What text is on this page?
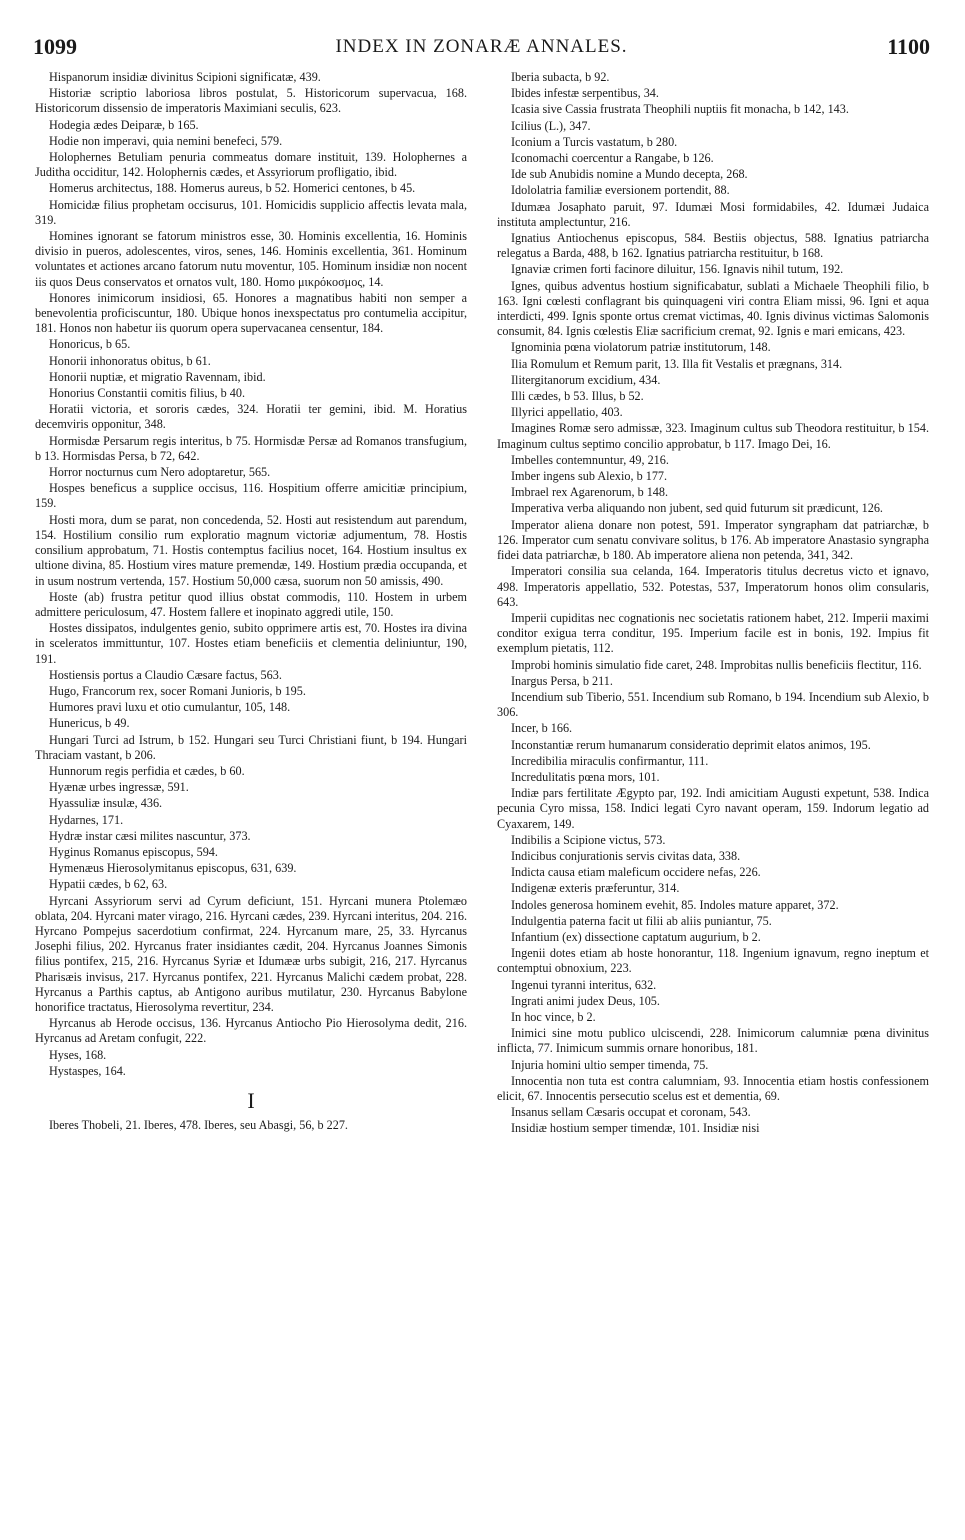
1099	INDEX IN ZONARÆ ANNALES.	1100

Hispanorum insidiæ divinitus Scipioni significatæ, 439.

Historiæ scriptio laboriosa libros postulat, 5. Historicorum supervacua, 168. Historicorum dissensio de imperatoris Maximiani seculis, 623.

Hodegia ædes Deiparæ, b 165.

Hodie non imperavi, quia nemini benefeci, 579.

Holophernes Betuliam penuria commeatus domare instituit, 139. Holophernes a Juditha occiditur, 142. Holophernis cædes, et Assyriorum profligatio, ibid.

Homerus architectus, 188. Homerus aureus, b 52. Homerici centones, b 45.

Homicidæ filius prophetam occisurus, 101. Homicidis supplicio affectis levata mala, 319.

Homines ignorant se fatorum ministros esse, 30. Hominis excellentia, 16. Hominis divisio in pueros, adolescentes, viros, senes, 146. Hominis excellentia, 361. Hominum voluntates et actiones arcano fatorum nutu moventur, 105. Hominum insidiæ non nocent iis quos Deus conservatos et ornatos vult, 180. Homo μικρόκοσμος, 14.

Honores inimicorum insidiosi, 65. Honores a magnatibus habiti non semper a benevolentia proficiscuntur, 180. Ubique honos inexspectatus pro contumelia accipitur, 181. Honos non habetur iis quorum opera supervacanea censentur, 184.

Honoricus, b 65.

Honorii inhonoratus obitus, b 61.

Honorii nuptiæ, et migratio Ravennam, ibid.

Honorius Constantii comitis filius, b 40.

Horatii victoria, et sororis cædes, 324. Horatii ter gemini, ibid. M. Horatius decemviris opponitur, 348.

Hormisdæ Persarum regis interitus, b 75. Hormisdæ Persæ ad Romanos transfugium, b 13. Hormisdas Persa, b 72, 642.

Horror nocturnus cum Nero adoptaretur, 565.

Hospes beneficus a supplice occisus, 116. Hospitium offerre amicitiæ principium, 159.

Hosti mora, dum se parat, non concedenda, 52. Hosti aut resistendum aut parendum, 154. Hostilium consilio rum exploratio magnum victoriæ adjumentum, 78. Hostis consilium approbatum, 71. Hostis contemptus facilius nocet, 164. Hostium insultus ex ultione divina, 85. Hostium vires mature premendæ, 149. Hostium prædia occupanda, et in usum nostrum vertenda, 157. Hostium 50,000 cæsa, suorum non 50 amissis, 490.

Hoste (ab) frustra petitur quod illius obstat commodis, 110. Hostem in urbem admittere periculosum, 47. Hostem fallere et inopinato aggredi utile, 150.

Hostes dissipatos, indulgentes genio, subito opprimere artis est, 70. Hostes ira divina in sceleratos immittuntur, 107. Hostes etiam beneficiis et clementia deliniuntur, 190, 191.

Hostiensis portus a Claudio Cæsare factus, 563.

Hugo, Francorum rex, socer Romani Junioris, b 195.

Humores pravi luxu et otio cumulantur, 105, 148.

Hunericus, b 49.

Hungari Turci ad Istrum, b 152. Hungari seu Turci Christiani fiunt, b 194. Hungari Thraciam vastant, b 206.

Hunnorum regis perfidia et cædes, b 60.

Hyænæ urbes ingressæ, 591.

Hyassuliæ insulæ, 436.

Hydarnes, 171.

Hydræ instar cæsi milites nascuntur, 373.

Hyginus Romanus episcopus, 594.

Hymenæus Hierosolymitanus episcopus, 631, 639.

Hypatii cædes, b 62, 63.

Hyrcani Assyriorum servi ad Cyrum deficiunt, 151. Hyrcani munera Ptolemæo oblata, 204. Hyrcani mater virago, 216. Hyrcani cædes, 239. Hyrcani interitus, 204. 216. Hyrcano Pompejus sacerdotium confirmat, 224. Hyrcanum mare, 25, 33. Hyrcanus Josephi filius, 202. Hyrcanus frater insidiantes cædit, 204. Hyrcanus Joannes Simonis filius pontifex, 215, 216. Hyrcanus Syriæ et Idumææ urbs subigit, 216, 217. Hyrcanus Pharisæis invisus, 217. Hyrcanus pontifex, 221. Hyrcanus Malichi cædem probat, 228. Hyrcanus a Parthis captus, ab Antigono auribus mutilatur, 230. Hyrcanus Babylone honorifice tractatus, Hierosolyma revertitur, 234.

Hyrcanus ab Herode occisus, 136. Hyrcanus Antiocho Pio Hierosolyma dedit, 216. Hyrcanus ad Aretam confugit, 222.

Hyses, 168.

Hystaspes, 164.

I

Iberes Thobeli, 21. Iberes, 478. Iberes, seu Abasgi, 56, b 227.

Iberia subacta, b 92.

Ibides infestæ serpentibus, 34.

Icasia sive Cassia frustrata Theophili nuptiis fit monacha, b 142, 143.

Icilius (L.), 347.

Iconium a Turcis vastatum, b 280.

Iconomachi coercentur a Rangabe, b 126.

Ide sub Anubidis nomine a Mundo decepta, 268.

Idololatria familiæ eversionem portendit, 88.

Idumæa Josaphato paruit, 97. Idumæi Mosi formidabiles, 42. Idumæi Judaica instituta amplectuntur, 216.

Ignatius Antiochenus episcopus, 584. Bestiis objectus, 588. Ignatius patriarcha relegatus a Barda, 488, b 162. Ignatius patriarcha restituitur, b 168.

Ignaviæ crimen forti facinore diluitur, 156. Ignavis nihil tutum, 192.

Ignes, quibus adventus hostium significabatur, sublati a Michaele Theophili filio, b 163. Igni cœlesti conflagrant bis quinquageni viri contra Eliam missi, 96. Igni et aqua interdicti, 499. Ignis sponte ortus cremat victimas, 40. Ignis divinus victimas Salomonis consumit, 84. Ignis cœlestis Eliæ sacrificium cremat, 92. Ignis e mari emicans, 423.

Ignominia pœna violatorum patriæ institutorum, 148.

Ilia Romulum et Remum parit, 13. Illa fit Vestalis et prægnans, 314.

Ilitergitanorum excidium, 434.

Illi cædes, b 53. Illus, b 52.

Illyrici appellatio, 403.

Imagines Romæ sero admissæ, 323. Imaginum cultus sub Theodora restituitur, b 154. Imaginum cultus septimo concilio approbatur, b 117. Imago Dei, 16.

Imbelles contemnuntur, 49, 216.

Imber ingens sub Alexio, b 177.

Imbrael rex Agarenorum, b 148.

Imperativa verba aliquando non jubent, sed quid futurum sit prædicunt, 126.

Imperator aliena donare non potest, 591. Imperator syngrapham dat patriarchæ, b 126. Imperator cum senatu convivare solitus, b 176. Ab imperatore Anastasio syngrapha fidei data patriarchæ, b 180. Ab imperatore aliena non petenda, 341, 342.

Imperatori consilia sua celanda, 164. Imperatoris titulus decretus victo et ignavo, 498. Imperatoris appellatio, 532. Potestas, 537, Imperatorum honos olim consularis, 643.

Imperii cupiditas nec cognationis nec societatis rationem habet, 212. Imperii maximi conditor exigua terra conditur, 195. Imperium facile est in bonis, 192. Impius fit exemplum pietatis, 112.

Improbi hominis simulatio fide caret, 248. Improbitas nullis beneficiis flectitur, 116.

Inargus Persa, b 211.

Incendium sub Tiberio, 551. Incendium sub Romano, b 194. Incendium sub Alexio, b 306.

Incer, b 166.

Inconstantiæ rerum humanarum consideratio deprimit elatos animos, 195.

Incredibilia miraculis confirmantur, 111.

Incredulitatis pœna mors, 101.

Indiæ pars fertilitate Ægypto par, 192. Indi amicitiam Augusti expetunt, 538. Indica pecunia Cyro missa, 158. Indici legati Cyro navant operam, 159. Indorum legatio ad Cyaxarem, 149.

Indibilis a Scipione victus, 573.

Indicibus conjurationis servis civitas data, 338.

Indicta causa etiam maleficum occidere nefas, 226.

Indigenæ exteris præferuntur, 314.

Indoles generosa hominem evehit, 85. Indoles mature apparet, 372.

Indulgentia paterna facit ut filii ab aliis puniantur, 75.

Infantium (ex) dissectione captatum augurium, b 2.

Ingenii dotes etiam ab hoste honorantur, 118. Ingenium ignavum, regno ineptum et contemptui obnoxium, 223.

Ingenui tyranni interitus, 632.

Ingrati animi judex Deus, 105.

In hoc vince, b 2.

Inimici sine motu publico ulciscendi, 228. Inimicorum calumniæ pœna divinitus inflicta, 77. Inimicum summis ornare honoribus, 181.

Injuria homini ultio semper timenda, 75.

Innocentia non tuta est contra calumniam, 93. Innocentia etiam hostis confessionem elicit, 67. Innocentis persecutio scelus est et dementia, 69.

Insanus sellam Cæsaris occupat et coronam, 543.

Insidiæ hostium semper timendæ, 101. Insidiæ nisi
